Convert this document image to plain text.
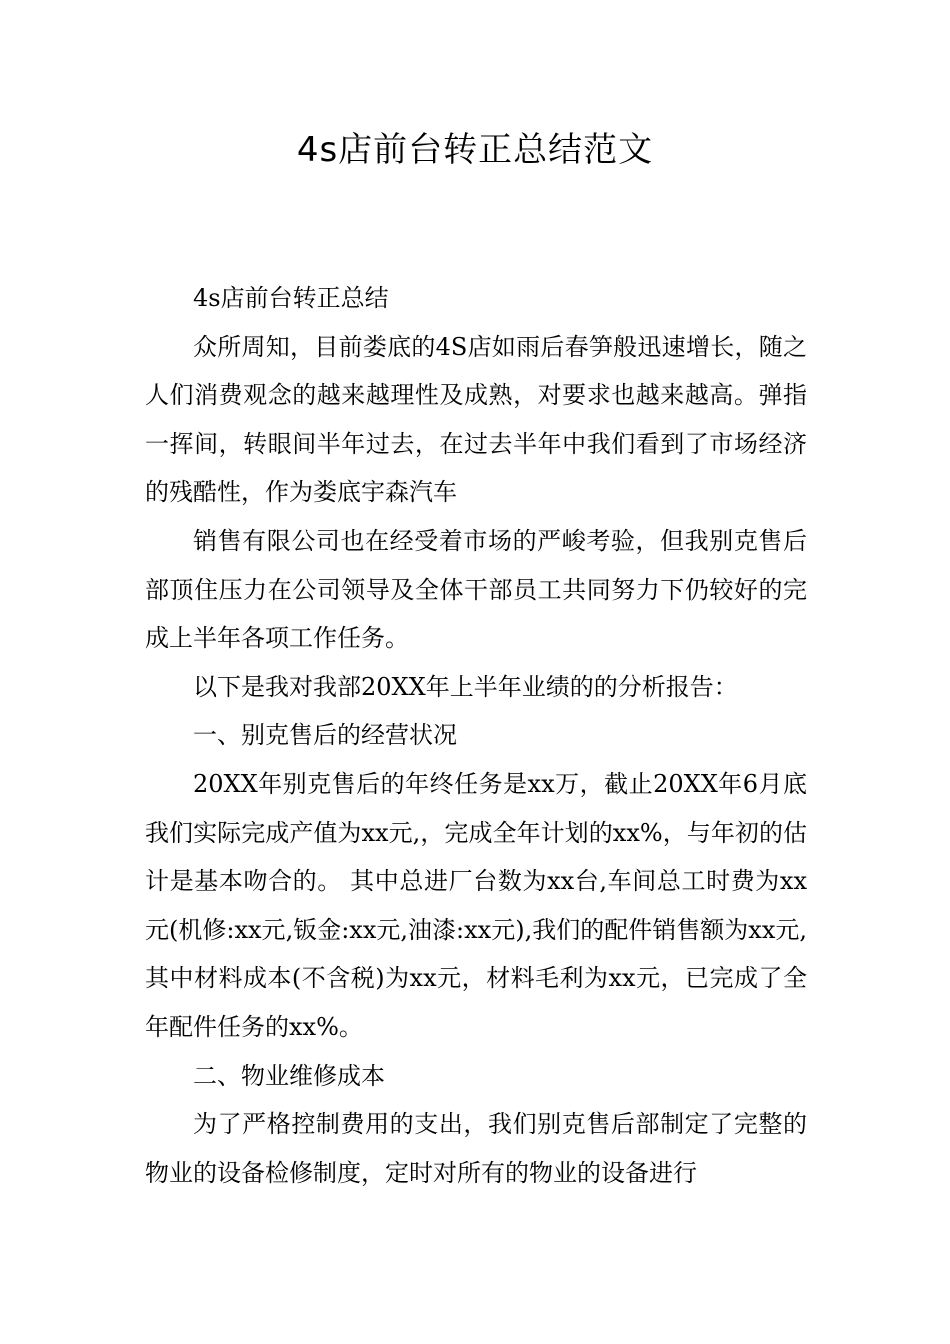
4s店前台转正总结范文

4s店前台转正总结

众所周知，目前娄底的4S店如雨后春笋般迅速增长，随之人们消费观念的越来越理性及成熟，对要求也越来越高。弹指一挥间，转眼间半年过去，在过去半年中我们看到了市场经济的残酷性，作为娄底宇森汽车

销售有限公司也在经受着市场的严峻考验，但我别克售后部顶住压力在公司领导及全体干部员工共同努力下仍较好的完成上半年各项工作任务。

以下是我对我部20XX年上半年业绩的的分析报告：

一、别克售后的经营状况

20XX年别克售后的年终任务是xx万，截止20XX年6月底我们实际完成产值为xx元,，完成全年计划的xx%，与年初的估计是基本吻合的。 其中总进厂台数为xx台,车间总工时费为xx元(机修:xx元,钣金:xx元,油漆:xx元),我们的配件销售额为xx元,其中材料成本(不含税)为xx元，材料毛利为xx元，已完成了全年配件任务的xx%。

二、物业维修成本

为了严格控制费用的支出，我们别克售后部制定了完整的物业的设备检修制度，定时对所有的物业的设备进行
